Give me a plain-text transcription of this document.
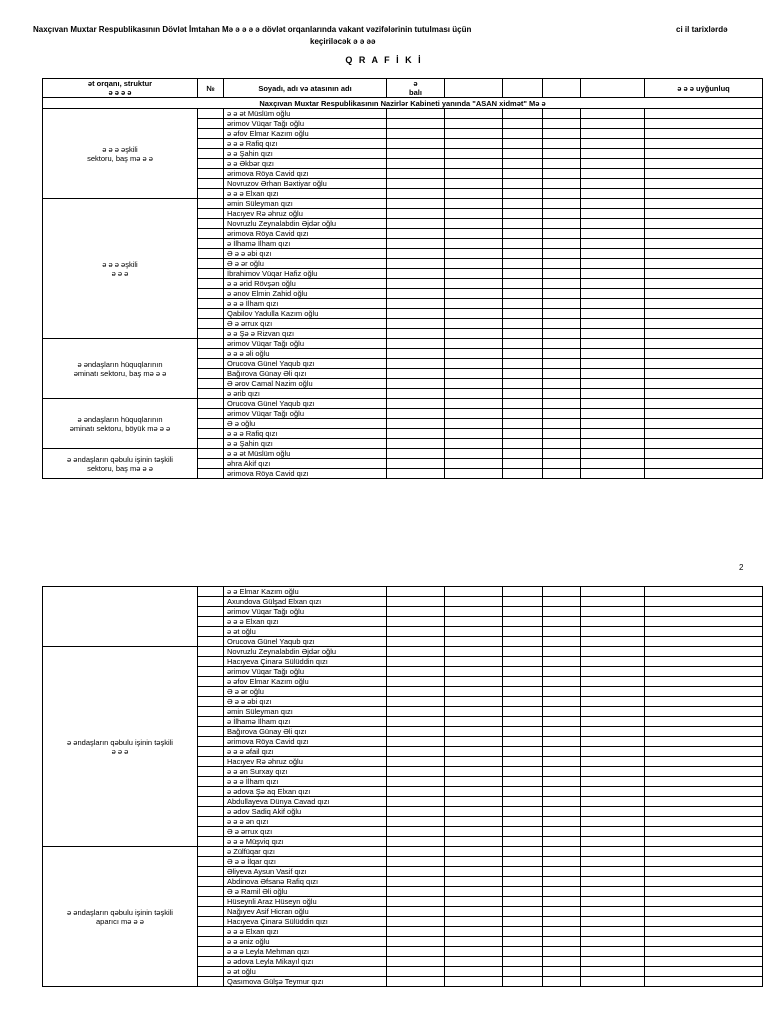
Naxçıvan Muxtar Respublikasının Dövlət İmtahan Mə ə ə ə ə dövlət orqanlarında vakant vəzifələrinin tutulması üçün	ci il tarixlərdə
keçiriləcək ə ə əə
Q R A F İ K İ
ət orqanı, struktur
ə ə ə ə	№	Soyadı, adı və atasının adı	ə
balı					ə ə ə uyğunluq
Naxçıvan Muxtar Respublikasının Nazirlər Kabineti yanında "ASAN xidmət" Mə ə								
ə ə ə əşkili
sektoru, baş mə ə ə		ə ə ət Müslüm oğlu						
		ərimov Vüqar Tağı oğlu						
		ə əfov Elmar Kazım oğlu						
		ə ə ə Rafiq qızı						
		ə ə Şahin qızı						
		ə ə Əkbər qızı						
		ərimova Röya Cavid qızı						
		Novruzov Ərhan Bəxtiyar oğlu						
		ə ə ə Elxan qızı						
ə ə ə əşkili
ə ə ə		əmin Süleyman qızı						
		Hacıyev Rə əhruz oğlu						
		Novruzlu Zeynalabdin Əjdər oğlu						
		ərimova Röya Cavid qızı						
		ə İlhamə İlham qızı						
		Ə ə ə əbi qızı						
		Ə ə ər oğlu						
		İbrahimov Vüqar Hafiz oğlu						
		ə ə ərid Rövşən oğlu						
		ə ənov Elmin Zahid oğlu						
		ə ə ə İlham qızı						
		Qabilov Yadulla Kazım oğlu						
		Ə ə ərrux qızı						
		ə ə Şə ə Rizvan qızı						
ə əndaşların hüquqlarının
əminatı sektoru, baş mə ə ə		ərimov Vüqar Tağı oğlu						
		ə ə ə əli oğlu						
		Orucova Günel Yaqub qızı						
		Bağırova Günay Əli qızı						
		Ə ərov Camal Nazim oğlu						
		ə ərib qızı						
ə əndaşların hüquqlarının
əminatı sektoru, böyük mə ə ə		Orucova Günel Yaqub qızı						
		ərimov Vüqar Tağı oğlu						
		Ə ə oğlu						
		ə ə ə Rafiq qızı						
		ə ə Şahin qızı						
ə əndaşların qəbulu işinin təşkili
sektoru, baş mə ə ə		ə ə ət Müslüm oğlu						
		əhra Akif qızı						
		ərimova Röya Cavid qızı						
2
		ə ə Elmar Kazım oğlu						
		Axundova Gülşad Elxan qızı						
		ərimov Vüqar Tağı oğlu						
		ə ə ə Elxan qızı						
		ə ət oğlu						
		Orucova Günel Yaqub qızı						
ə əndaşların qəbulu işinin təşkili
ə ə ə		Novruzlu Zeynalabdin Əjdər oğlu						
		Hacıyeva Çinarə Sülüddin qızı						
		ərimov Vüqar Tağı oğlu						
		ə əfov Elmar Kazım oğlu						
		Ə ə ər oğlu						
		Ə ə ə əbi qızı						
		əmin Süleyman qızı						
		ə İlhamə İlham qızı						
		Bağırova Günay Əli qızı						
		ərimova Röya Cavid qızı						
		ə ə ə əfail qızı						
		Hacıyev Rə əhruz oğlu						
		ə ə ən Surxay qızı						
		ə ə ə İlham qızı						
		ə ədova Şə aq Elxan qızı						
		Abdullayeva Dünya Cavad qızı						
		ə ədov Sadiq Akif oğlu						
		ə ə ə ən qızı						
		Ə ə ərrux qızı						
		ə ə ə Müşviq qızı						
ə əndaşların qəbulu işinin təşkili
aparıcı mə ə ə		ə Zülfüqar qızı						
		Ə ə ə İlqar qızı						
		Əliyeva Aysun Vasif qızı						
		Abdinova Əfsanə Rafiq qızı						
		Ə ə Ramil Əli oğlu						
		Hüseynli Araz Hüseyn oğlu						
		Nağıyev Asif Hicran oğlu						
		Hacıyeva Çinarə Sülüddin qızı						
		ə ə ə Elxan qızı						
		ə ə əniz oğlu						
		ə ə ə Leyla Mehman qızı						
		ə ədova Leyla Mikayıl qızı						
		ə ət oğlu						
		Qasımova Gülşə Teymur qızı						
